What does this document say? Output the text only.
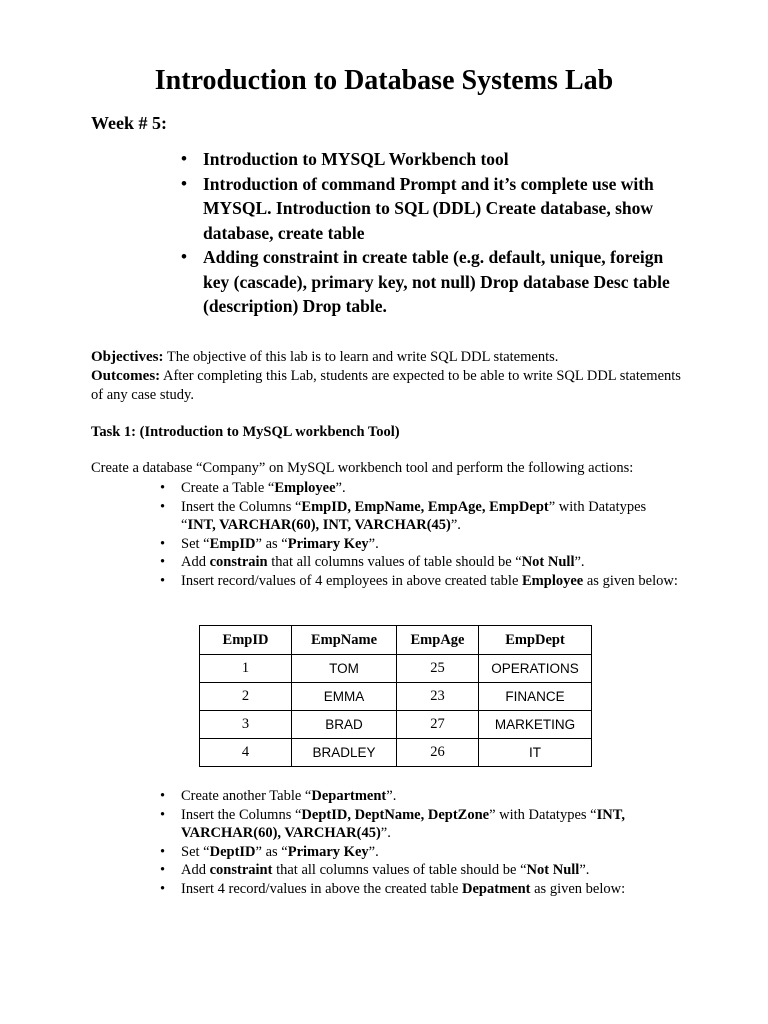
Introduction to Database Systems Lab

Week # 5:

• Introduction to MYSQL Workbench tool
• Introduction of command Prompt and it’s complete use with MYSQL. Introduction to SQL (DDL) Create database, show database, create table
• Adding constraint in create table (e.g. default, unique, foreign key (cascade), primary key, not null) Drop database Desc table (description) Drop table.
Objectives: The objective of this lab is to learn and write SQL DDL statements.
Outcomes: After completing this Lab, students are expected to be able to write SQL DDL statements of any case study.

Task 1: (Introduction to MySQL workbench Tool)

Create a database “Company” on MySQL workbench tool and perform the following actions:

• Create a Table “Employee”.
• Insert the Columns “EmpID, EmpName, EmpAge, EmpDept” with Datatypes “INT, VARCHAR(60), INT, VARCHAR(45)”.
• Set “EmpID” as “Primary Key”.
• Add constrain that all columns values of table should be “Not Null”.
• Insert record/values of 4 employees in above created table Employee as given below:
EmpID	EmpName	EmpAge	EmpDept
1	TOM	25	OPERATIONS
2	EMMA	23	FINANCE
3	BRAD	27	MARKETING
4	BRADLEY	26	IT
• Create another Table “Department”.
• Insert the Columns “DeptID, DeptName, DeptZone” with Datatypes “INT, VARCHAR(60), VARCHAR(45)”.
• Set “DeptID” as “Primary Key”.
• Add constraint that all columns values of table should be “Not Null”.
• Insert 4 record/values in above the created table Depatment as given below:
